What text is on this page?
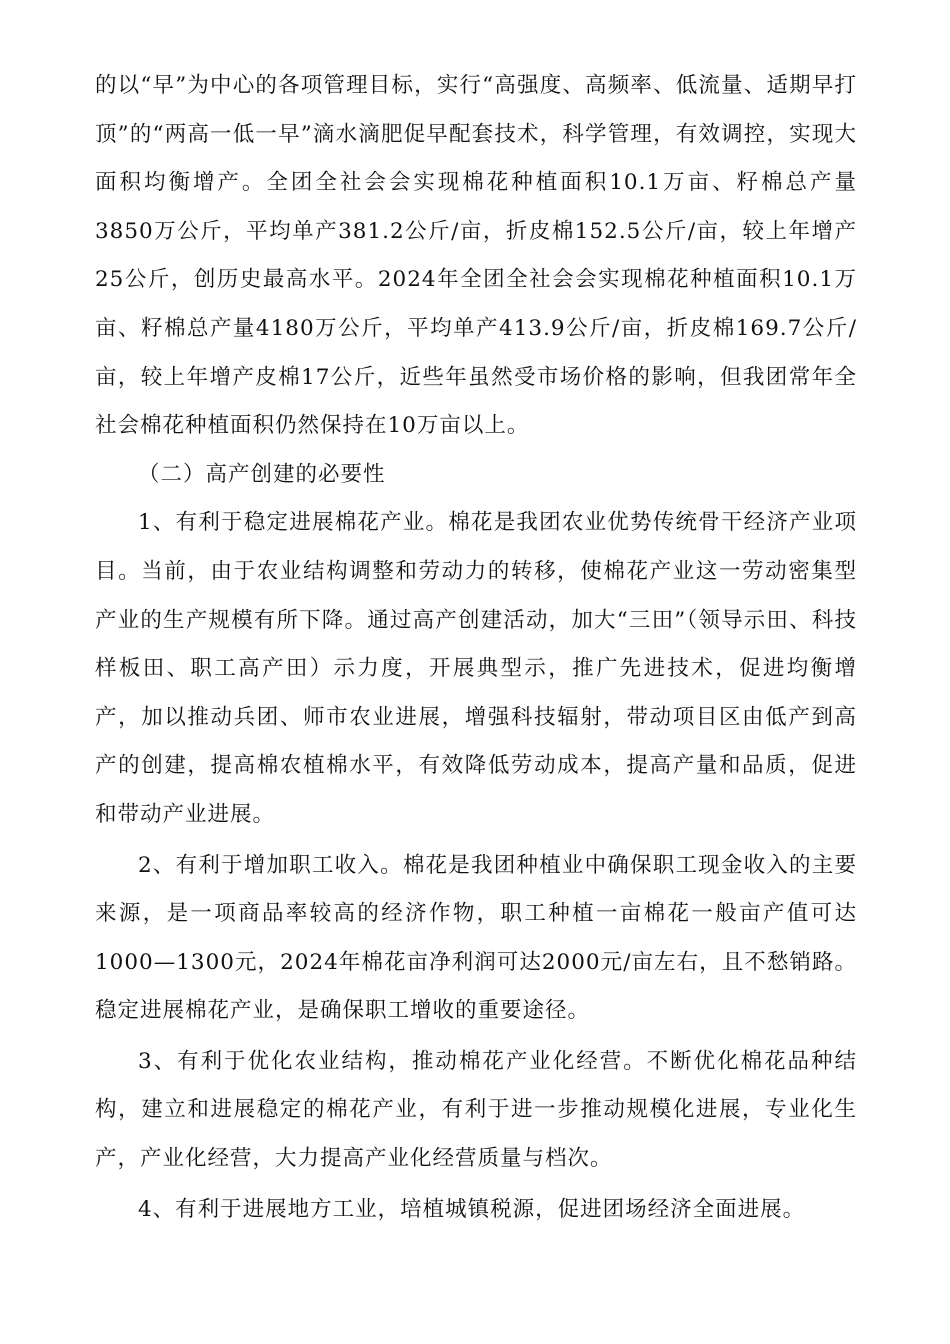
的以“早”为中心的各项管理目标，实行“高强度、高频率、低流量、适期早打顶”的“两高一低一早”滴水滴肥促早配套技术，科学管理，有效调控，实现大面积均衡增产。全团全社会会实现棉花种植面积10.1万亩、籽棉总产量3850万公斤，平均单产381.2公斤/亩，折皮棉152.5公斤/亩，较上年增产25公斤，创历史最高水平。2024年全团全社会会实现棉花种植面积10.1万亩、籽棉总产量4180万公斤，平均单产413.9公斤/亩，折皮棉169.7公斤/亩，较上年增产皮棉17公斤，近些年虽然受市场价格的影响，但我团常年全社会棉花种植面积仍然保持在10万亩以上。

（二）高产创建的必要性

1、有利于稳定进展棉花产业。棉花是我团农业优势传统骨干经济产业项目。当前，由于农业结构调整和劳动力的转移，使棉花产业这一劳动密集型产业的生产规模有所下降。通过高产创建活动，加大“三田”（领导示田、科技样板田、职工高产田）示力度，开展典型示，推广先进技术，促进均衡增产，加以推动兵团、师市农业进展，增强科技辐射，带动项目区由低产到高产的创建，提高棉农植棉水平，有效降低劳动成本，提高产量和品质，促进和带动产业进展。

2、有利于增加职工收入。棉花是我团种植业中确保职工现金收入的主要来源，是一项商品率较高的经济作物，职工种植一亩棉花一般亩产值可达1000—1300元，2024年棉花亩净利润可达2000元/亩左右，且不愁销路。稳定进展棉花产业，是确保职工增收的重要途径。

3、有利于优化农业结构，推动棉花产业化经营。不断优化棉花品种结构，建立和进展稳定的棉花产业，有利于进一步推动规模化进展，专业化生产，产业化经营，大力提高产业化经营质量与档次。

4、有利于进展地方工业，培植城镇税源，促进团场经济全面进展。
